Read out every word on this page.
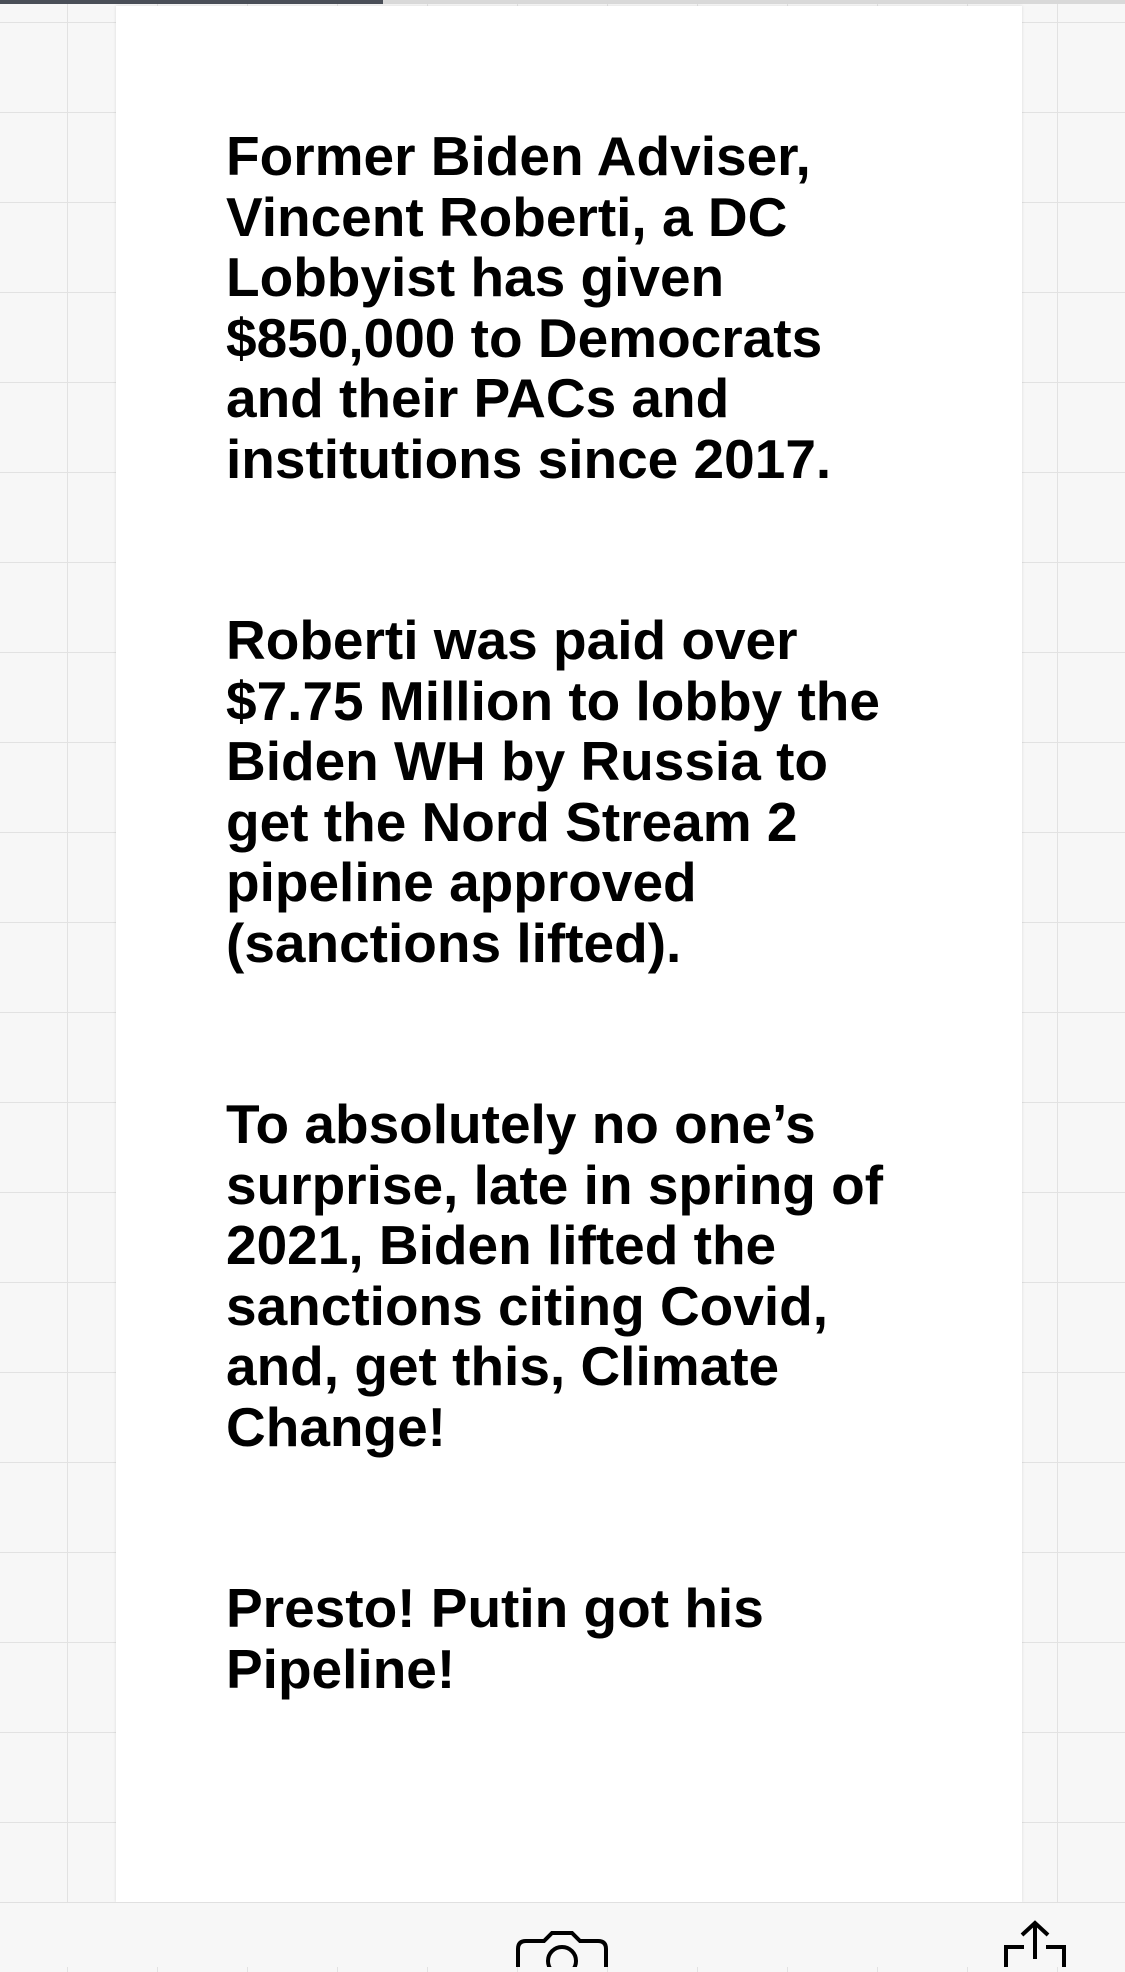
Former Biden Adviser,
Vincent Roberti, a DC
Lobbyist has given
$850,000 to Democrats
and their PACs and
institutions since 2017.

Roberti was paid over
$7.75 Million to lobby the
Biden WH by Russia to
get the Nord Stream 2
pipeline approved
(sanctions lifted).

To absolutely no one’s
surprise, late in spring of
2021, Biden lifted the
sanctions citing Covid,
and, get this, Climate
Change!

Presto! Putin got his
Pipeline!
